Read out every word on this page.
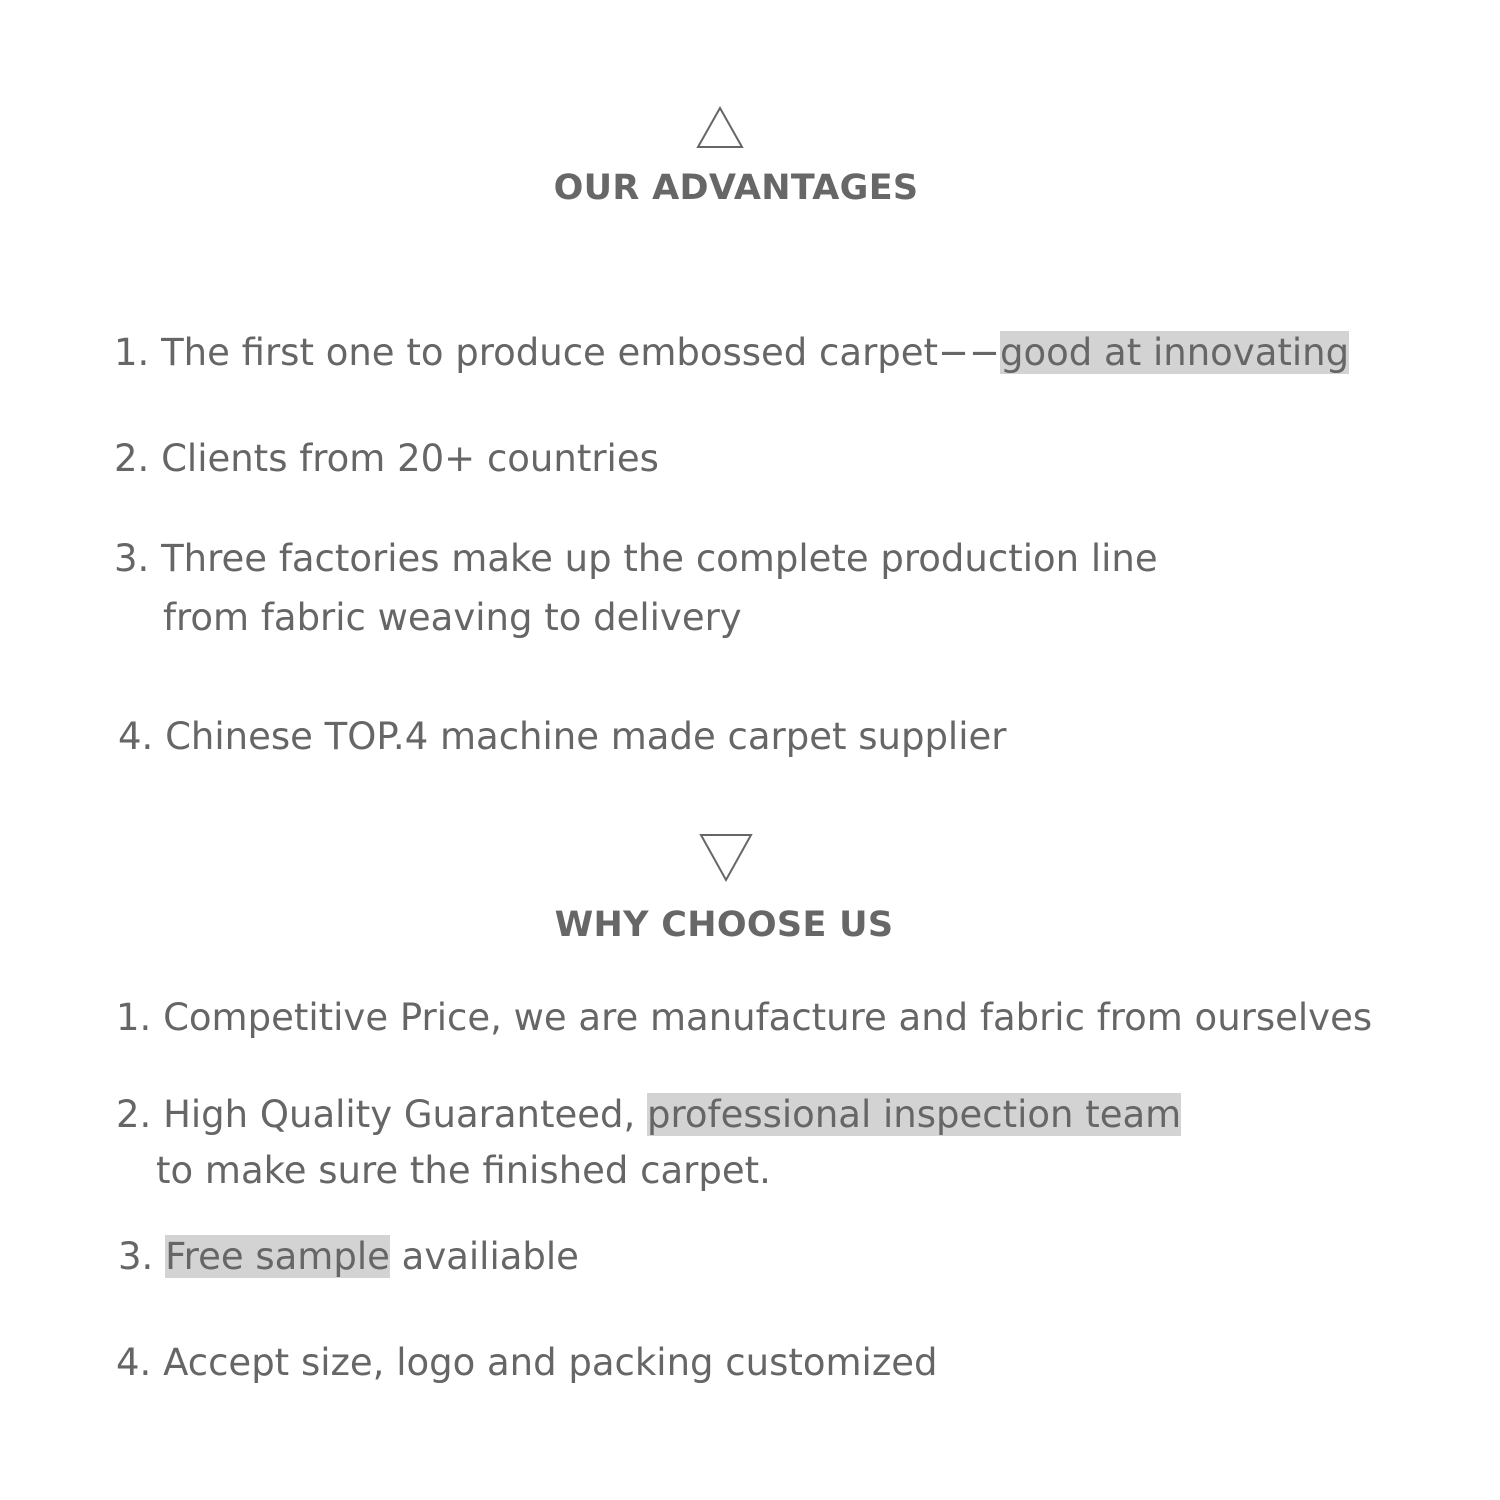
OUR ADVANTAGES
1. The first one to produce embossed carpet−−good at innovating
2. Clients from 20+ countries
3. Three factories make up the complete production line
from fabric weaving to delivery
4. Chinese TOP.4 machine made carpet supplier
WHY CHOOSE US
1. Competitive Price, we are manufacture and fabric from ourselves
2. High Quality Guaranteed, professional inspection team
to make sure the finished carpet.
3. Free sample availiable
4. Accept size, logo and packing customized
